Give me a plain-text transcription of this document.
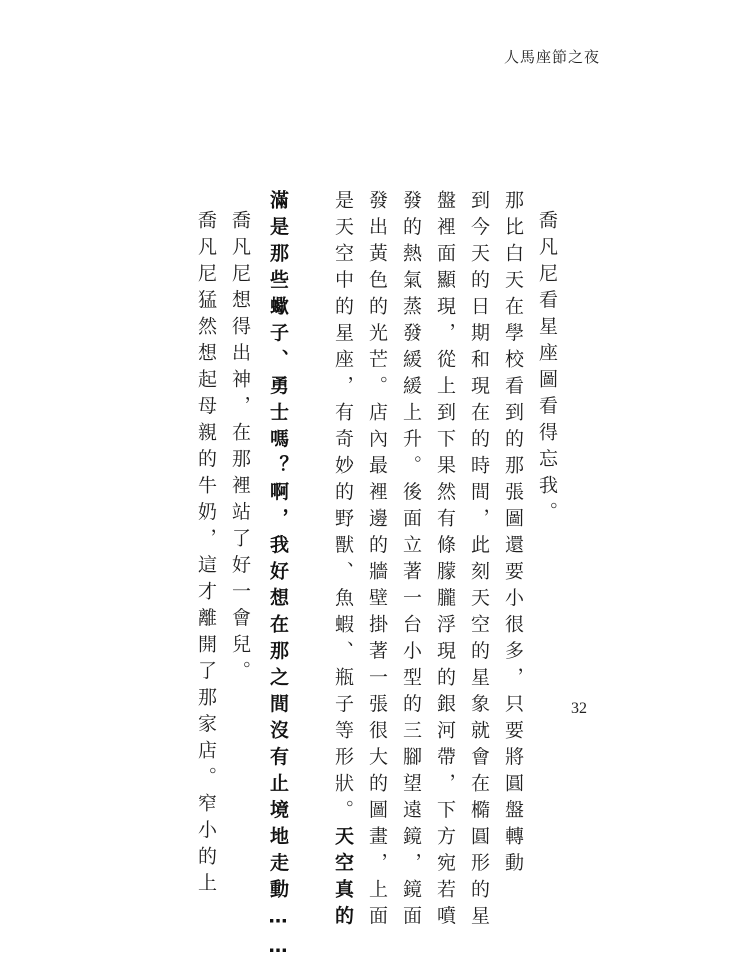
人馬座節之夜
喬凡尼看星座圖看得忘我。
那比白天在學校看到的那張圖還要小很多，只要將圓盤轉動
到今天的日期和現在的時間，此刻天空的星象就會在橢圓形的星
盤裡面顯現，從上到下果然有條朦朧浮現的銀河帶，下方宛若噴
發的熱氣蒸發緩緩上升。後面立著一台小型的三腳望遠鏡，鏡面
發出黃色的光芒。店內最裡邊的牆壁掛著一張很大的圖畫，上面
是天空中的星座，有奇妙的野獸、魚蝦、瓶子等形狀。天空真的
滿是那些蠍子、勇士嗎？啊，我好想在那之間沒有止境地走動……
喬凡尼想得出神，在那裡站了好一會兒。
喬凡尼猛然想起母親的牛奶，這才離開了那家店。窄小的上	32
